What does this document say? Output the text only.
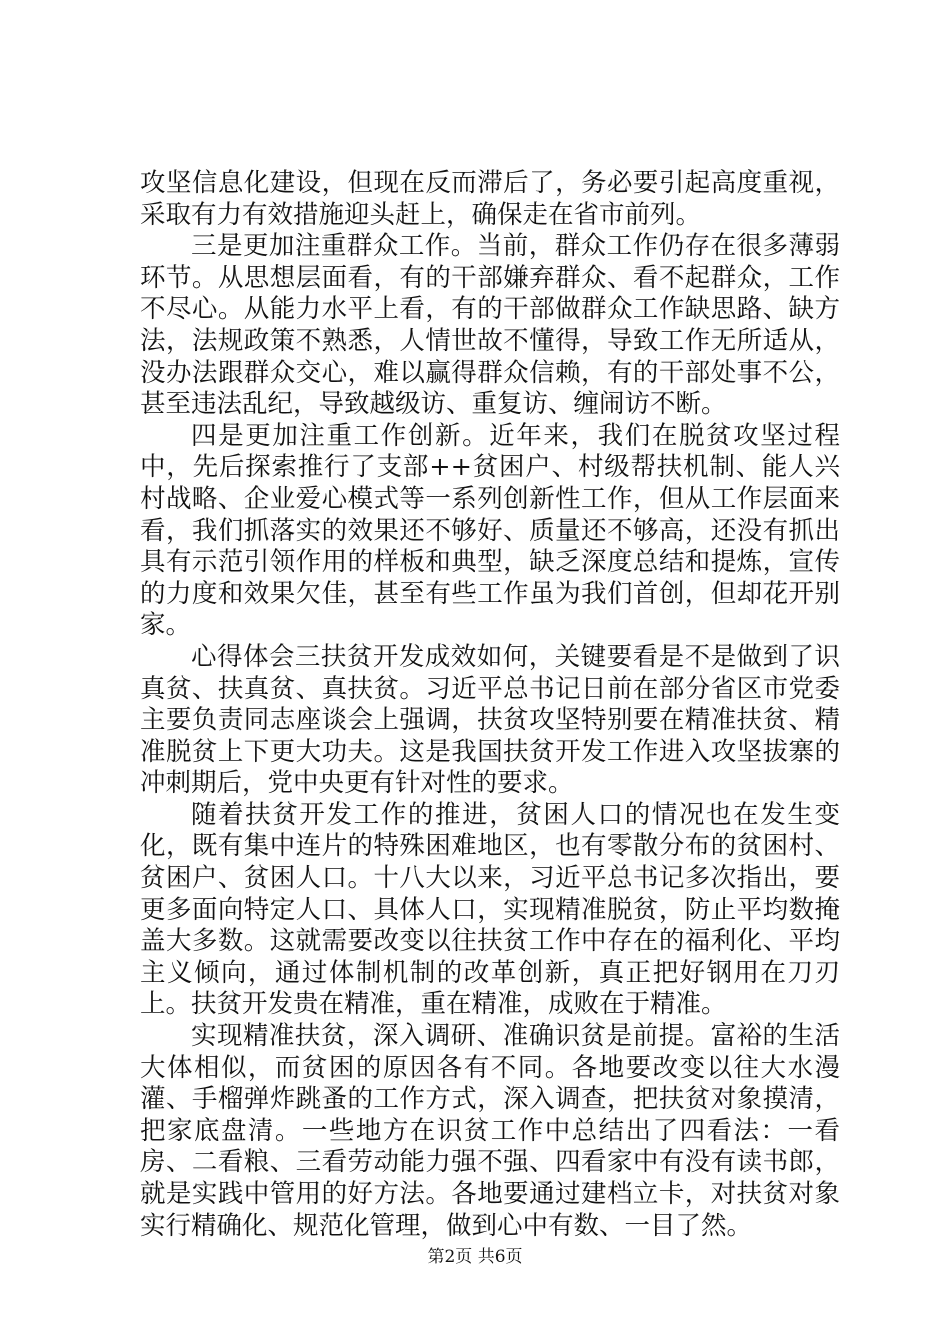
攻坚信息化建设，但现在反而滞后了，务必要引起高度重视，采取有力有效措施迎头赶上，确保走在省市前列。

三是更加注重群众工作。当前，群众工作仍存在很多薄弱环节。从思想层面看，有的干部嫌弃群众、看不起群众，工作不尽心。从能力水平上看，有的干部做群众工作缺思路、缺方法，法规政策不熟悉，人情世故不懂得，导致工作无所适从，没办法跟群众交心，难以赢得群众信赖，有的干部处事不公，甚至违法乱纪，导致越级访、重复访、缠闹访不断。

四是更加注重工作创新。近年来，我们在脱贫攻坚过程中，先后探索推行了支部++贫困户、村级帮扶机制、能人兴村战略、企业爱心模式等一系列创新性工作，但从工作层面来看，我们抓落实的效果还不够好、质量还不够高，还没有抓出具有示范引领作用的样板和典型，缺乏深度总结和提炼，宣传的力度和效果欠佳，甚至有些工作虽为我们首创，但却花开别家。

心得体会三扶贫开发成效如何，关键要看是不是做到了识真贫、扶真贫、真扶贫。习近平总书记日前在部分省区市党委主要负责同志座谈会上强调，扶贫攻坚特别要在精准扶贫、精准脱贫上下更大功夫。这是我国扶贫开发工作进入攻坚拔寨的冲刺期后，党中央更有针对性的要求。

随着扶贫开发工作的推进，贫困人口的情况也在发生变化，既有集中连片的特殊困难地区，也有零散分布的贫困村、贫困户、贫困人口。十八大以来，习近平总书记多次指出，要更多面向特定人口、具体人口，实现精准脱贫，防止平均数掩盖大多数。这就需要改变以往扶贫工作中存在的福利化、平均主义倾向，通过体制机制的改革创新，真正把好钢用在刀刃上。扶贫开发贵在精准，重在精准，成败在于精准。

实现精准扶贫，深入调研、准确识贫是前提。富裕的生活大体相似，而贫困的原因各有不同。各地要改变以往大水漫灌、手榴弹炸跳蚤的工作方式，深入调查，把扶贫对象摸清，把家底盘清。一些地方在识贫工作中总结出了四看法：一看房、二看粮、三看劳动能力强不强、四看家中有没有读书郎，就是实践中管用的好方法。各地要通过建档立卡，对扶贫对象实行精确化、规范化管理，做到心中有数、一目了然。

第2页 共6页
